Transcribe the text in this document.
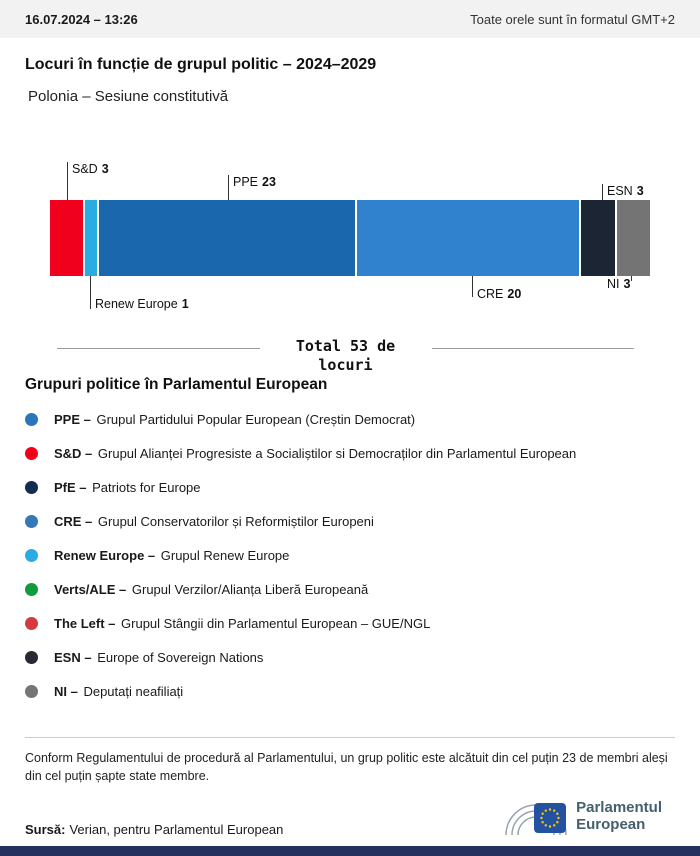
16.07.2024 – 13:26	Toate orele sunt în formatul GMT+2
Locuri în funcție de grupul politic – 2024–2029
Polonia – Sesiune constitutivă
S&D 3
PPE 23
ESN 3
Renew Europe 1
CRE 20
NI 3
Total 53 de
locuri
Grupuri politice în Parlamentul European
PPE – Grupul Partidului Popular European (Creștin Democrat)
S&D – Grupul Alianței Progresiste a Socialiștilor si Democraților din Parlamentul European
PfE – Patriots for Europe
CRE – Grupul Conservatorilor și Reformiștilor Europeni
Renew Europe – Grupul Renew Europe
Verts/ALE – Grupul Verzilor/Alianța Liberă Europeană
The Left – Grupul Stângii din Parlamentul European – GUE/NGL
ESN – Europe of Sovereign Nations
NI – Deputați neafiliați
Conform Regulamentului de procedură al Parlamentului, un grup politic este alcătuit din cel puțin 23 de membri aleși din cel puțin șapte state membre.
Sursă: Verian, pentru Parlamentul European
Parlamentul
European
